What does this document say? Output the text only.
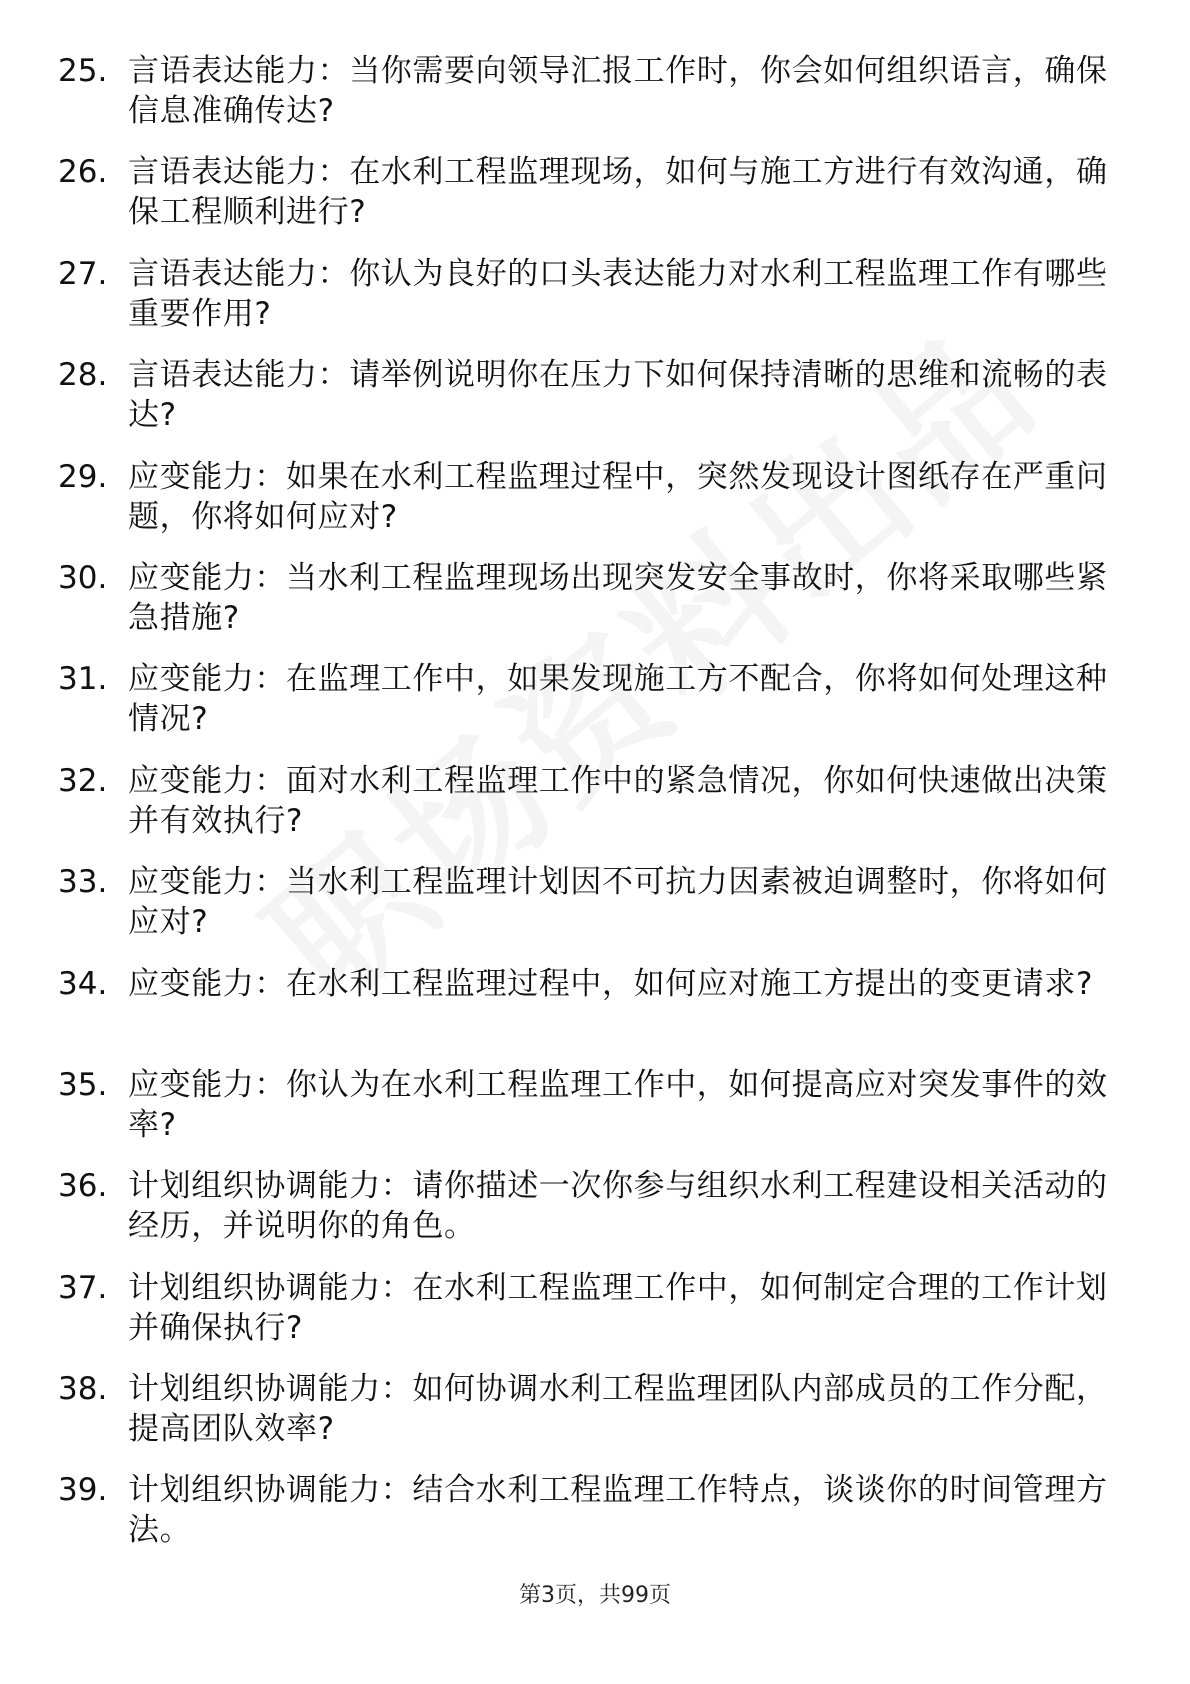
25. 言语表达能力：当你需要向领导汇报工作时，你会如何组织语言，确保信息准确传达?
26. 言语表达能力：在水利工程监理现场，如何与施工方进行有效沟通，确保工程顺利进行?
27. 言语表达能力：你认为良好的口头表达能力对水利工程监理工作有哪些重要作用?
28. 言语表达能力：请举例说明你在压力下如何保持清晰的思维和流畅的表达?
29. 应变能力：如果在水利工程监理过程中，突然发现设计图纸存在严重问题，你将如何应对?
30. 应变能力：当水利工程监理现场出现突发安全事故时，你将采取哪些紧急措施?
31. 应变能力：在监理工作中，如果发现施工方不配合，你将如何处理这种情况?
32. 应变能力：面对水利工程监理工作中的紧急情况，你如何快速做出决策并有效执行?
33. 应变能力：当水利工程监理计划因不可抗力因素被迫调整时，你将如何应对?
34. 应变能力：在水利工程监理过程中，如何应对施工方提出的变更请求?
35. 应变能力：你认为在水利工程监理工作中，如何提高应对突发事件的效率?
36. 计划组织协调能力：请你描述一次你参与组织水利工程建设相关活动的经历，并说明你的角色。
37. 计划组织协调能力：在水利工程监理工作中，如何制定合理的工作计划并确保执行?
38. 计划组织协调能力：如何协调水利工程监理团队内部成员的工作分配，提高团队效率?
39. 计划组织协调能力：结合水利工程监理工作特点，谈谈你的时间管理方法。
第3页，共99页
